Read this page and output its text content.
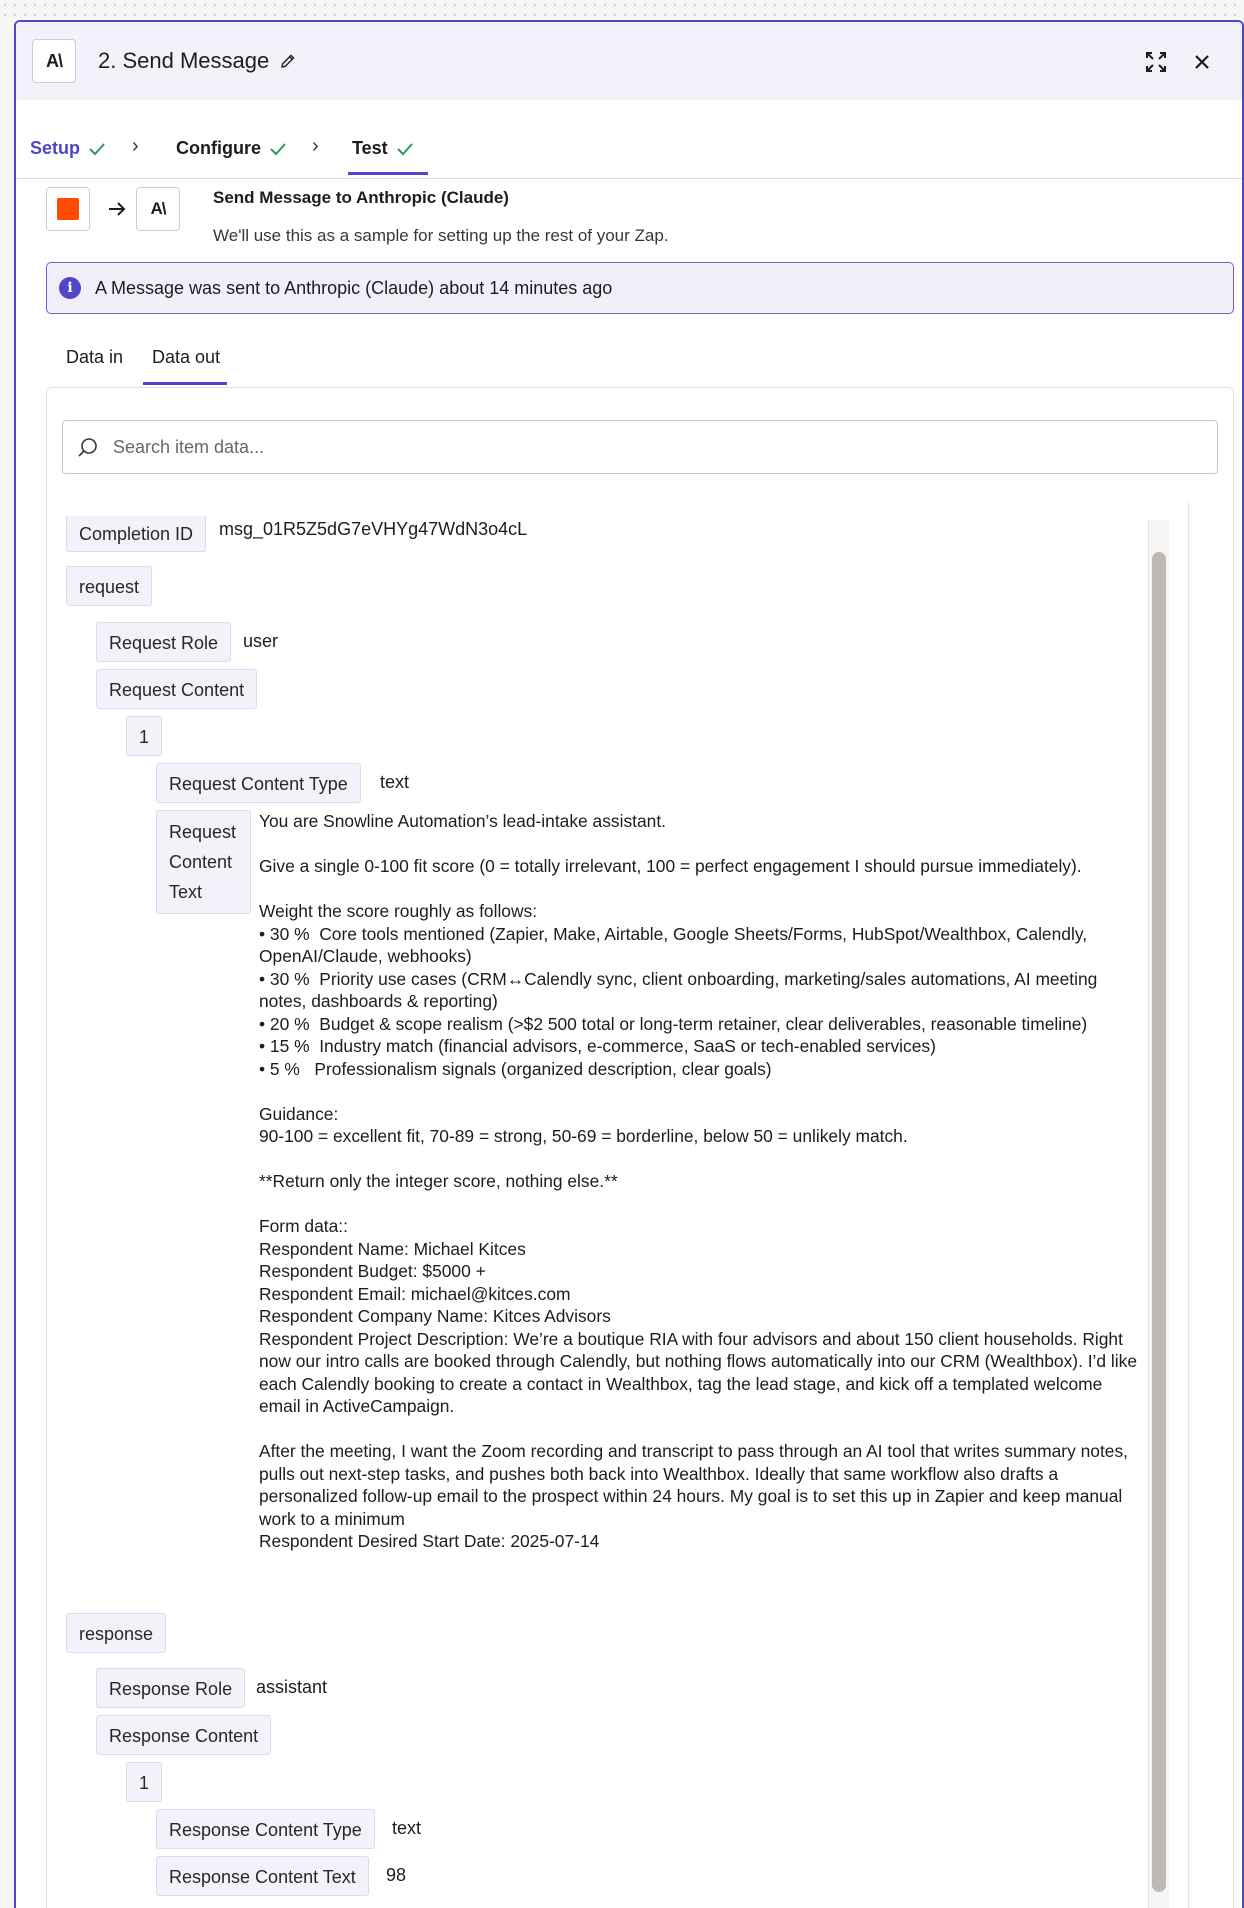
A\	2. Send Message
Setup	› Configure	› Test
A\
Send Message to Anthropic (Claude)
We'll use this as a sample for setting up the rest of your Zap.
i	A Message was sent to Anthropic (Claude) about 14 minutes ago
Data in Data out
Search item data...
Completion ID	msg_01R5Z5dG7eVHYg47WdN3o4cL
request
Request Role	user
Request Content
1
Request Content Type	text
Request Content Text
You are Snowline Automation’s lead-intake assistant.

Give a single 0-100 fit score (0 = totally irrelevant, 100 = perfect engagement I should pursue immediately).

Weight the score roughly as follows:
• 30 %  Core tools mentioned (Zapier, Make, Airtable, Google Sheets/Forms, HubSpot/Wealthbox, Calendly, OpenAI/Claude, webhooks)
• 30 %  Priority use cases (CRM↔Calendly sync, client onboarding, marketing/sales automations, AI meeting notes, dashboards & reporting)
• 20 %  Budget & scope realism (>$2 500 total or long-term retainer, clear deliverables, reasonable timeline)
• 15 %  Industry match (financial advisors, e-commerce, SaaS or tech-enabled services)
• 5 %   Professionalism signals (organized description, clear goals)

Guidance:
90-100 = excellent fit, 70-89 = strong, 50-69 = borderline, below 50 = unlikely match.

**Return only the integer score, nothing else.**

Form data::
Respondent Name: Michael Kitces
Respondent Budget: $5000 +
Respondent Email: michael@kitces.com
Respondent Company Name: Kitces Advisors
Respondent Project Description: We’re a boutique RIA with four advisors and about 150 client households. Right now our intro calls are booked through Calendly, but nothing flows automatically into our CRM (Wealthbox). I’d like each Calendly booking to create a contact in Wealthbox, tag the lead stage, and kick off a templated welcome email in ActiveCampaign.

After the meeting, I want the Zoom recording and transcript to pass through an AI tool that writes summary notes, pulls out next-step tasks, and pushes both back into Wealthbox. Ideally that same workflow also drafts a personalized follow-up email to the prospect within 24 hours. My goal is to set this up in Zapier and keep manual work to a minimum
Respondent Desired Start Date: 2025-07-14
response
Response Role	assistant
Response Content
1
Response Content Type	text
Response Content Text	98
